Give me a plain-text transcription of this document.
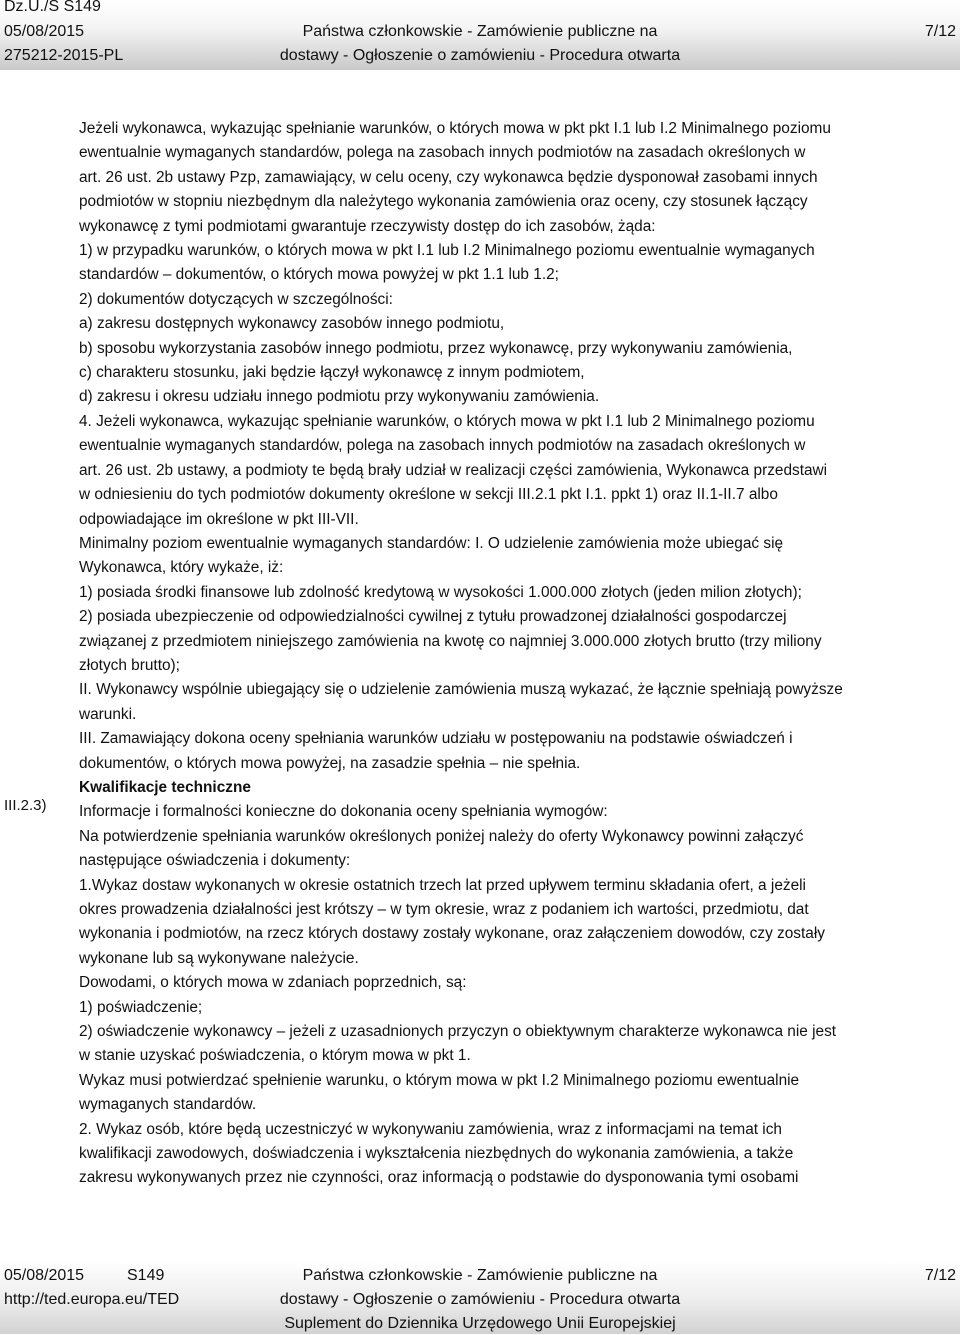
Dz.U./S S149
05/08/2015
275212-2015-PL
Państwa członkowskie - Zamówienie publiczne na
dostawy - Ogłoszenie o zamówieniu - Procedura otwarta
7/12
III.2.3)

Jeżeli wykonawca, wykazując spełnianie warunków, o których mowa w pkt pkt I.1 lub I.2 Minimalnego poziomu

ewentualnie wymaganych standardów, polega na zasobach innych podmiotów na zasadach określonych w

art. 26 ust. 2b ustawy Pzp, zamawiający, w celu oceny, czy wykonawca będzie dysponował zasobami innych

podmiotów w stopniu niezbędnym dla należytego wykonania zamówienia oraz oceny, czy stosunek łączący

wykonawcę z tymi podmiotami gwarantuje rzeczywisty dostęp do ich zasobów, żąda:

1) w przypadku warunków, o których mowa w pkt I.1 lub I.2 Minimalnego poziomu ewentualnie wymaganych

standardów – dokumentów, o których mowa powyżej w pkt 1.1 lub 1.2;

2) dokumentów dotyczących w szczególności:

a) zakresu dostępnych wykonawcy zasobów innego podmiotu,

b) sposobu wykorzystania zasobów innego podmiotu, przez wykonawcę, przy wykonywaniu zamówienia,

c) charakteru stosunku, jaki będzie łączył wykonawcę z innym podmiotem,

d) zakresu i okresu udziału innego podmiotu przy wykonywaniu zamówienia.

4. Jeżeli wykonawca, wykazując spełnianie warunków, o których mowa w pkt I.1 lub 2 Minimalnego poziomu

ewentualnie wymaganych standardów, polega na zasobach innych podmiotów na zasadach określonych w

art. 26 ust. 2b ustawy, a podmioty te będą brały udział w realizacji części zamówienia, Wykonawca przedstawi

w odniesieniu do tych podmiotów dokumenty określone w sekcji III.2.1 pkt I.1. ppkt 1) oraz II.1-II.7 albo

odpowiadające im określone w pkt III-VII.

Minimalny poziom ewentualnie wymaganych standardów: I. O udzielenie zamówienia może ubiegać się

Wykonawca, który wykaże, iż:

1) posiada środki finansowe lub zdolność kredytową w wysokości 1.000.000 złotych (jeden milion złotych);

2) posiada ubezpieczenie od odpowiedzialności cywilnej z tytułu prowadzonej działalności gospodarczej

związanej z przedmiotem niniejszego zamówienia na kwotę co najmniej 3.000.000 złotych brutto (trzy miliony

złotych brutto);

II. Wykonawcy wspólnie ubiegający się o udzielenie zamówienia muszą wykazać, że łącznie spełniają powyższe

warunki.

III. Zamawiający dokona oceny spełniania warunków udziału w postępowaniu na podstawie oświadczeń i

dokumentów, o których mowa powyżej, na zasadzie spełnia – nie spełnia.

Kwalifikacje techniczne

Informacje i formalności konieczne do dokonania oceny spełniania wymogów:

Na potwierdzenie spełniania warunków określonych poniżej należy do oferty Wykonawcy powinni załączyć

następujące oświadczenia i dokumenty:

1.Wykaz dostaw wykonanych w okresie ostatnich trzech lat przed upływem terminu składania ofert, a jeżeli

okres prowadzenia działalności jest krótszy – w tym okresie, wraz z podaniem ich wartości, przedmiotu, dat

wykonania i podmiotów, na rzecz których dostawy zostały wykonane, oraz załączeniem dowodów, czy zostały

wykonane lub są wykonywane należycie.

Dowodami, o których mowa w zdaniach poprzednich, są:

1) poświadczenie;

2) oświadczenie wykonawcy – jeżeli z uzasadnionych przyczyn o obiektywnym charakterze wykonawca nie jest

w stanie uzyskać poświadczenia, o którym mowa w pkt 1.

Wykaz musi potwierdzać spełnienie warunku, o którym mowa w pkt I.2 Minimalnego poziomu ewentualnie

wymaganych standardów.

2. Wykaz osób, które będą uczestniczyć w wykonywaniu zamówienia, wraz z informacjami na temat ich

kwalifikacji zawodowych, doświadczenia i wykształcenia niezbędnych do wykonania zamówienia, a także

zakresu wykonywanych przez nie czynności, oraz informacją o podstawie do dysponowania tymi osobami

05/08/2015	S149
http://ted.europa.eu/TED
Państwa członkowskie - Zamówienie publiczne na
dostawy - Ogłoszenie o zamówieniu - Procedura otwarta
Suplement do Dziennika Urzędowego Unii Europejskiej
7/12
